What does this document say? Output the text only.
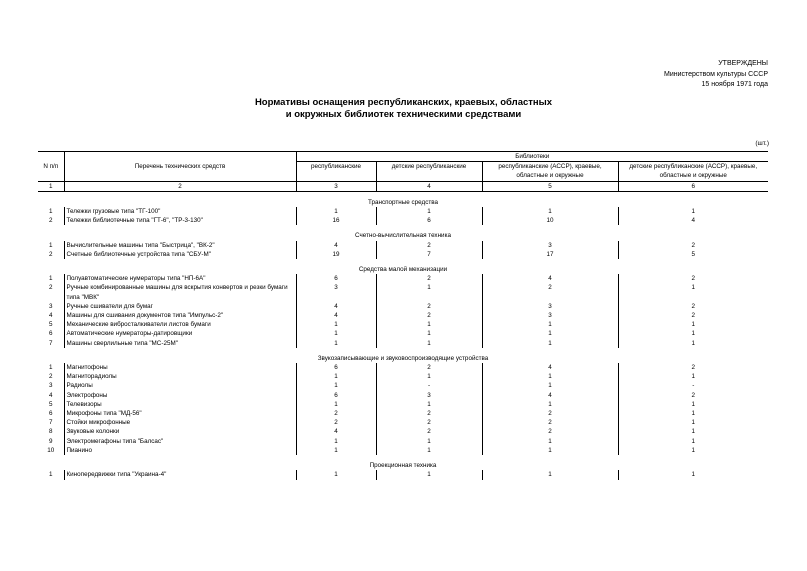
УТВЕРЖДЕНЫ
Министерством культуры СССР
15 ноября 1971 года
Нормативы оснащения республиканских, краевых, областных
и окружных библиотек техническими средствами
(шт.)
		Библиотеки			
N п/п	Перечень технических средств	республиканские	детские республиканские	республиканские (АССР), краевые, областные и окружные	детские республиканские (АССР), краевые, областные и окружные
1	2	3	4	5	6
Транспортные средства					
1	Тележки грузовые типа "ТГ-100"	1	1	1	1
2	Тележки библиотечные типа "ГТ-6", "ТР-3-130"	16	6	10	4
Счетно-вычислительная техника					
1	Вычислительные машины типа "Быстрица", "ВК-2"	4	2	3	2
2	Счетные библиотечные устройства типа "СБУ-М"	19	7	17	5
Средства малой механизации					
1	Полуавтоматические нумераторы типа "НП-6А"	6	2	4	2
2	Ручные комбинированные машины для вскрытия конвертов и резки бумаги типа "МВК"	3	1	2	1
3	Ручные сшиватели для бумаг	4	2	3	2
4	Машины для сшивания документов типа "Импульс-2"	4	2	3	2
5	Механические вибросталкиватели листов бумаги	1	1	1	1
6	Автоматические нумераторы-датировщики	1	1	1	1
7	Машины сверлильные типа "МС-25М"	1	1	1	1
Звукозаписывающие и звуковоспроизводящие устройства					
1	Магнитофоны	6	2	4	2
2	Магниторадиолы	1	1	1	1
3	Радиолы	1	-	1	-
4	Электрофоны	6	3	4	2
5	Телевизоры	1	1	1	1
6	Микрофоны типа "МД-56"	2	2	2	1
7	Стойки микрофонные	2	2	2	1
8	Звуковые колонки	4	2	2	1
9	Электромегафоны типа "Балсас"	1	1	1	1
10	Пианино	1	1	1	1
Проекционная техника					
1	Кинопередвижки типа "Украина-4"	1	1	1	1
